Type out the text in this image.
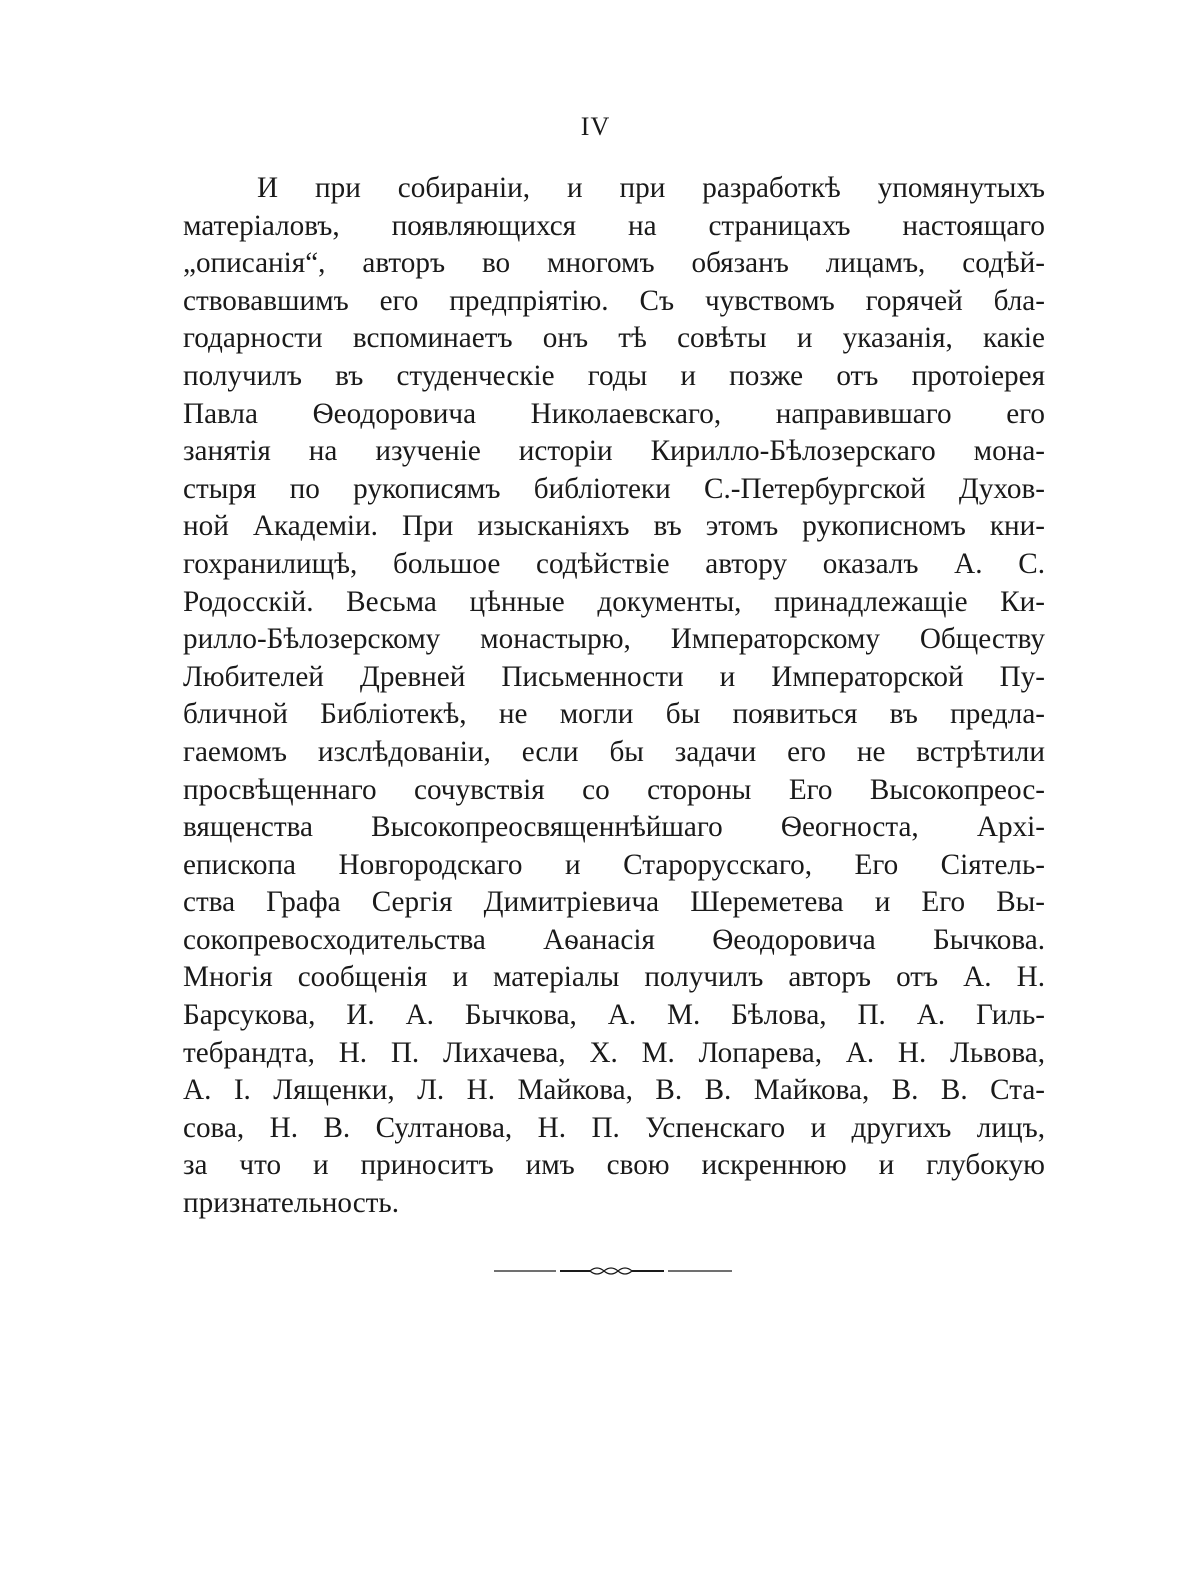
IV
И при собираніи, и при разработкѣ упомянутыхъ
матеріаловъ, появляющихся на страницахъ настоящаго
„описанія“, авторъ во многомъ обязанъ лицамъ, содѣй-
ствовавшимъ его предпріятію. Съ чувствомъ горячей бла-
годарности вспоминаетъ онъ тѣ совѣты и указанія, какіе
получилъ въ студенческіе годы и позже отъ протоіерея
Павла Ѳеодоровича Николаевскаго, направившаго его
занятія на изученіе исторіи Кирилло-Бѣлозерскаго мона-
стыря по рукописямъ библіотеки С.-Петербургской Духов-
ной Академіи. При изысканіяхъ въ этомъ рукописномъ кни-
гохранилищѣ, большое содѣйствіе автору оказалъ А. С.
Родосскій. Весьма цѣнные документы, принадлежащіе Ки-
рилло-Бѣлозерскому монастырю, Императорскому Обществу
Любителей Древней Письменности и Императорской Пу-
бличной Библіотекѣ, не могли бы появиться въ предла-
гаемомъ изслѣдованіи, если бы задачи его не встрѣтили
просвѣщеннаго сочувствія со стороны Его Высокопреос-
вященства Высокопреосвященнѣйшаго Ѳеогноста, Архі-
епископа Новгородскаго и Старорусскаго, Его Сіятель-
ства Графа Сергія Димитріевича Шереметева и Его Вы-
сокопревосходительства Аѳанасія Ѳеодоровича Бычкова.
Многія сообщенія и матеріалы получилъ авторъ отъ А. Н.
Барсукова, И. А. Бычкова, А. М. Бѣлова, П. А. Гиль-
тебрандта, Н. П. Лихачева, Х. М. Лопарева, А. Н. Львова,
А. І. Лященки, Л. Н. Майкова, В. В. Майкова, В. В. Ста-
сова, Н. В. Султанова, Н. П. Успенскаго и другихъ лицъ,
за что и приноситъ имъ свою искреннюю и глубокую
признательность.
